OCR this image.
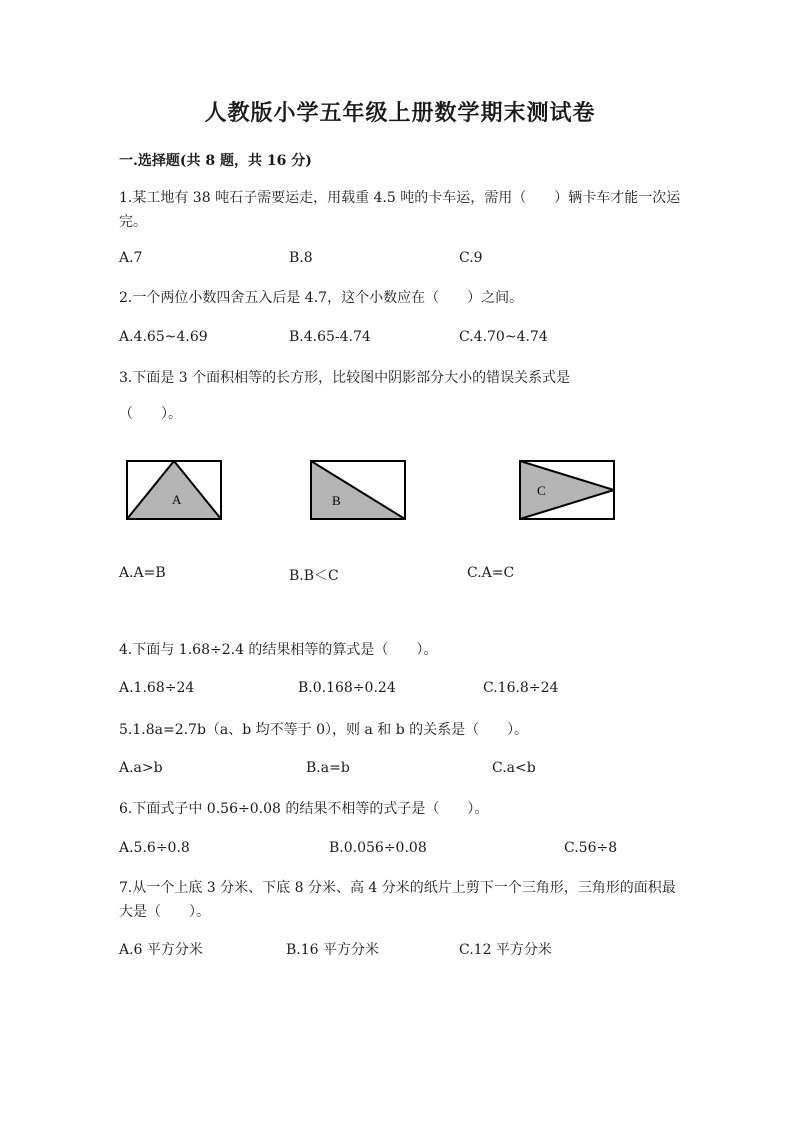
人教版小学五年级上册数学期末测试卷
一.选择题(共 8 题，共 16 分)
1.某工地有 38 吨石子需要运走，用载重 4.5 吨的卡车运，需用（　　）辆卡车才能一次运完。
A.7	B.8	C.9
2.一个两位小数四舍五入后是 4.7，这个小数应在（　　）之间。
A.4.65~4.69	B.4.65-4.74	C.4.70~4.74
3.下面是 3 个面积相等的长方形，比较图中阴影部分大小的错误关系式是
（　　）。
A	B
C
A.A=B	B.B＜C	C.A=C
4.下面与 1.68÷2.4 的结果相等的算式是（　　）。
A.1.68÷24	B.0.168÷0.24	C.16.8÷24
5.1.8a=2.7b（a、b 均不等于 0），则 a 和 b 的关系是（　　）。
A.a>b	B.a=b	C.a<b
6.下面式子中 0.56÷0.08 的结果不相等的式子是（　　）。
A.5.6÷0.8	B.0.056÷0.08	C.56÷8
7.从一个上底 3 分米、下底 8 分米、高 4 分米的纸片上剪下一个三角形，三角形的面积最大是（　　）。
A.6 平方分米	B.16 平方分米	C.12 平方分米
